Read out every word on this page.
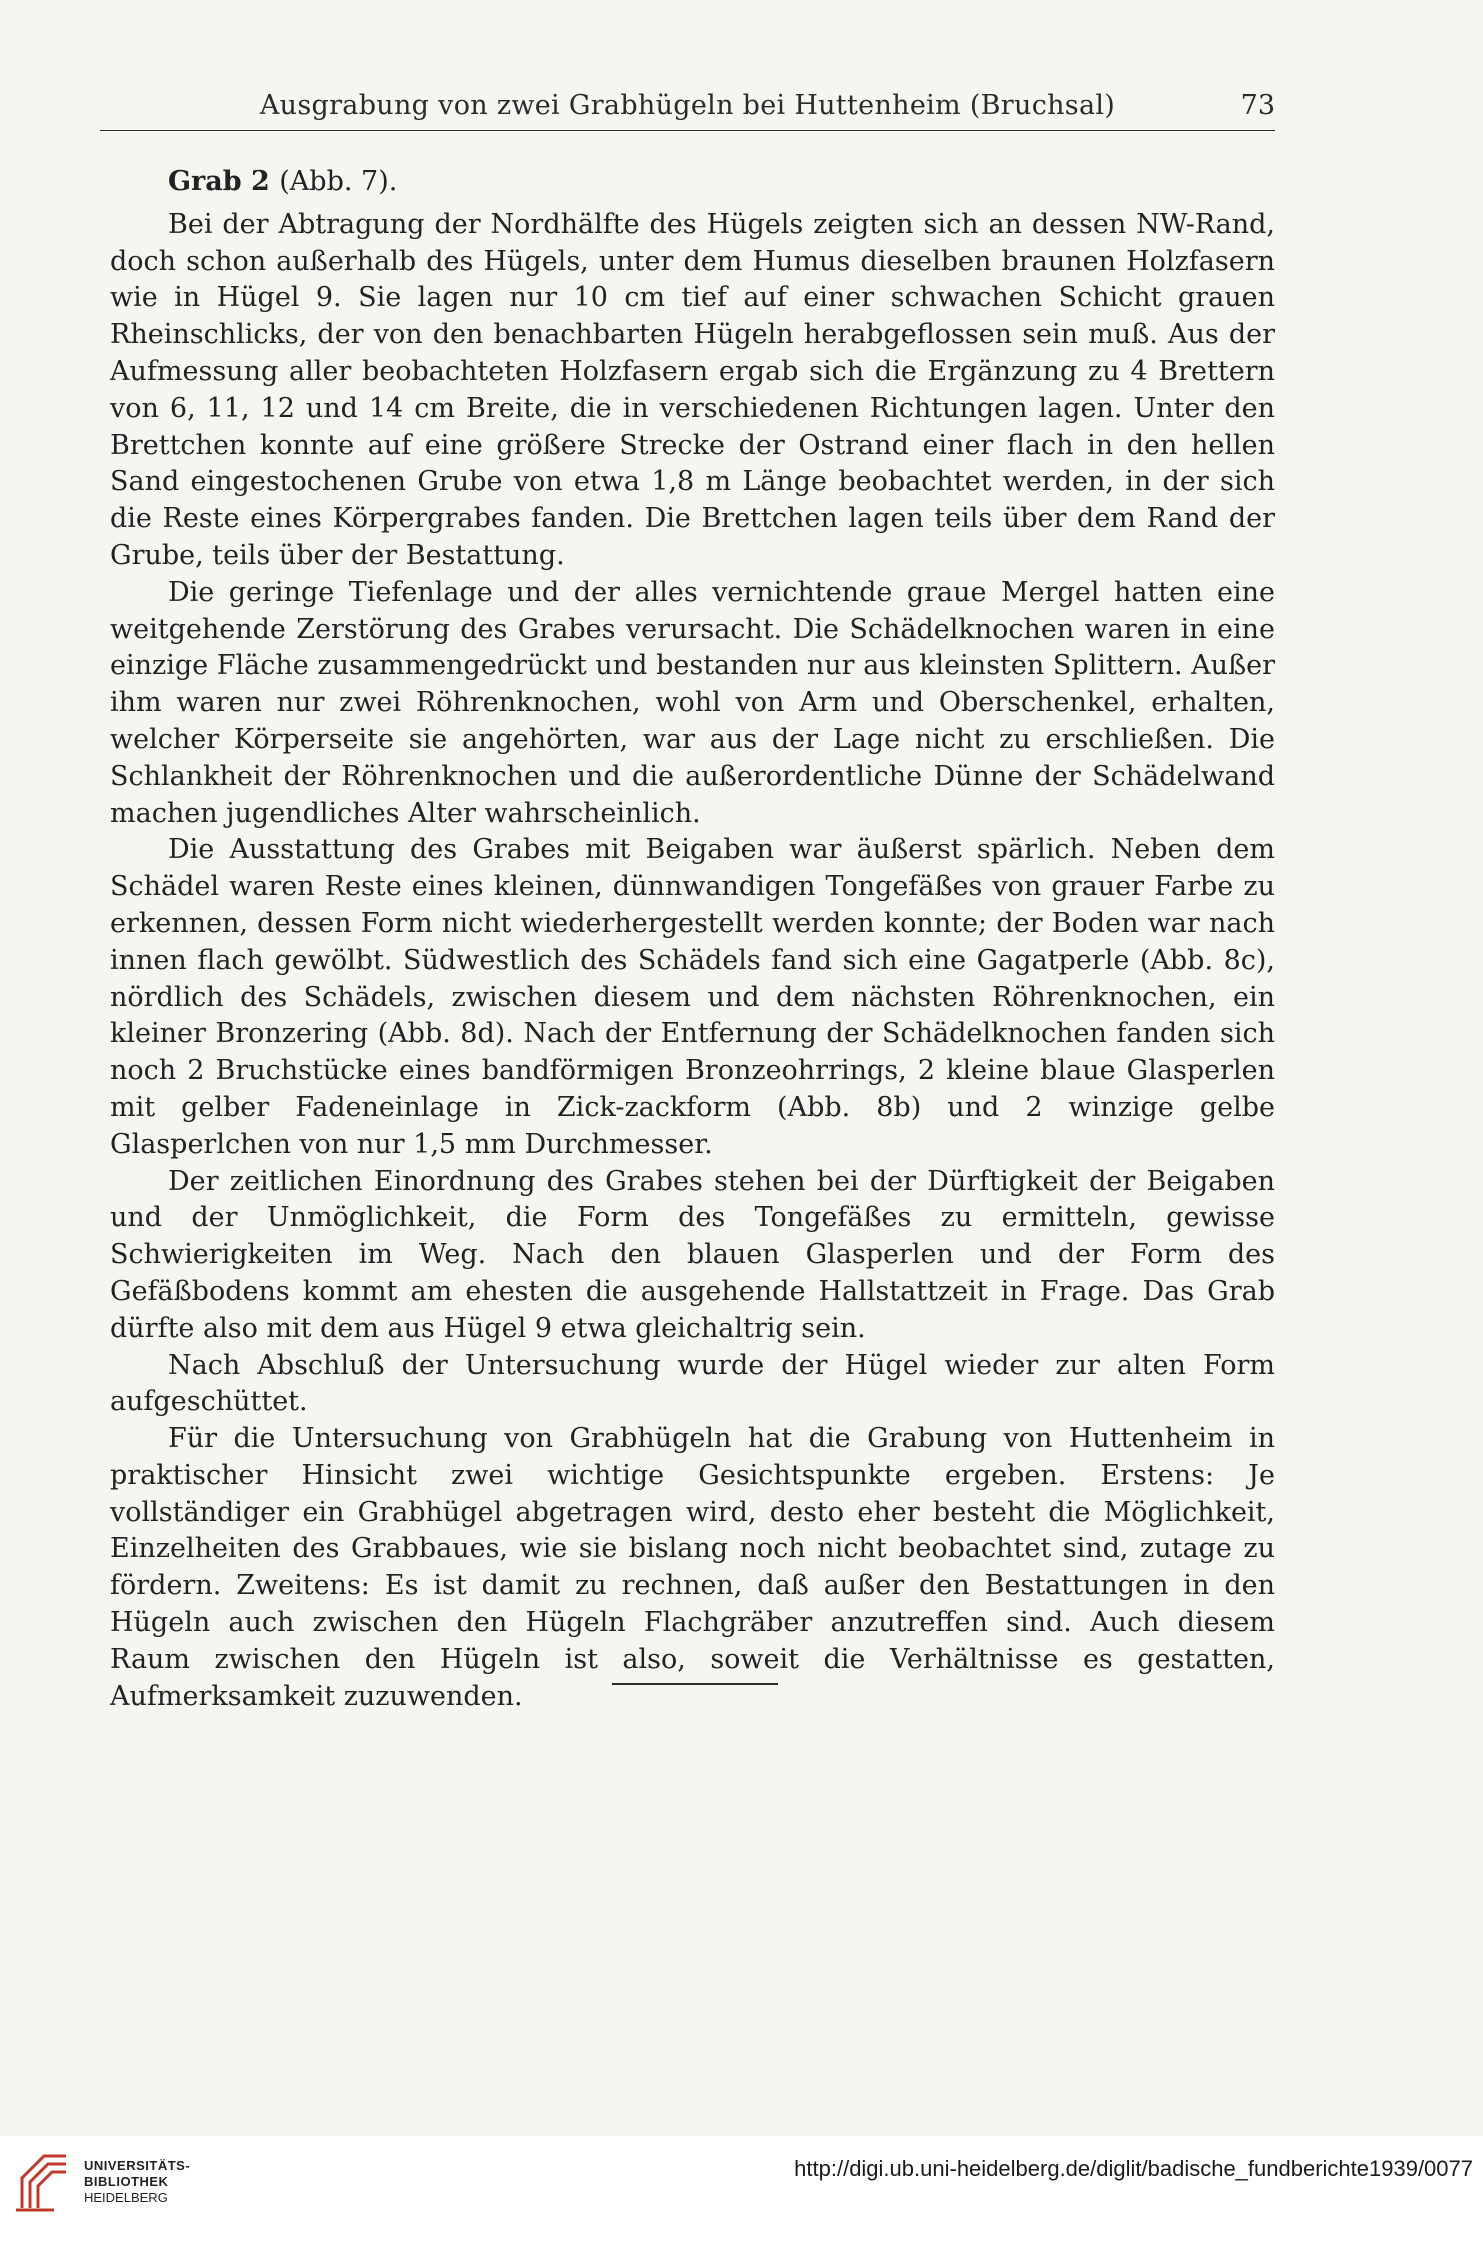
Ausgrabung von zwei Grabhügeln bei Huttenheim (Bruchsal)	73

Grab 2 (Abb. 7).

Bei der Abtragung der Nordhälfte des Hügels zeigten sich an dessen NW-Rand, doch schon außerhalb des Hügels, unter dem Humus dieselben braunen Holzfasern wie in Hügel 9. Sie lagen nur 10 cm tief auf einer schwachen Schicht grauen Rheinschlicks, der von den benachbarten Hügeln herabgeflossen sein muß. Aus der Aufmessung aller beobachteten Holzfasern ergab sich die Ergänzung zu 4 Brettern von 6, 11, 12 und 14 cm Breite, die in verschiedenen Richtungen lagen. Unter den Brettchen konnte auf eine größere Strecke der Ostrand einer flach in den hellen Sand eingestochenen Grube von etwa 1,8 m Länge beobachtet werden, in der sich die Reste eines Körpergrabes fanden. Die Brettchen lagen teils über dem Rand der Grube, teils über der Bestattung.

Die geringe Tiefenlage und der alles vernichtende graue Mergel hatten eine weitgehende Zerstörung des Grabes verursacht. Die Schädelknochen waren in eine einzige Fläche zusammengedrückt und bestanden nur aus kleinsten Splittern. Außer ihm waren nur zwei Röhrenknochen, wohl von Arm und Oberschenkel, erhalten, welcher Körperseite sie angehörten, war aus der Lage nicht zu erschließen. Die Schlankheit der Röhrenknochen und die außerordentliche Dünne der Schädelwand machen jugendliches Alter wahrscheinlich.

Die Ausstattung des Grabes mit Beigaben war äußerst spärlich. Neben dem Schädel waren Reste eines kleinen, dünnwandigen Tongefäßes von grauer Farbe zu erkennen, dessen Form nicht wiederhergestellt werden konnte; der Boden war nach innen flach gewölbt. Südwestlich des Schädels fand sich eine Gagatperle (Abb. 8c), nördlich des Schädels, zwischen diesem und dem nächsten Röhrenknochen, ein kleiner Bronzering (Abb. 8d). Nach der Entfernung der Schädelknochen fanden sich noch 2 Bruchstücke eines bandförmigen Bronzeohrrings, 2 kleine blaue Glasperlen mit gelber Fadeneinlage in Zick-zackform (Abb. 8b) und 2 winzige gelbe Glasperlchen von nur 1,5 mm Durchmesser.

Der zeitlichen Einordnung des Grabes stehen bei der Dürftigkeit der Beigaben und der Unmöglichkeit, die Form des Tongefäßes zu ermitteln, gewisse Schwierigkeiten im Weg. Nach den blauen Glasperlen und der Form des Gefäßbodens kommt am ehesten die ausgehende Hallstattzeit in Frage. Das Grab dürfte also mit dem aus Hügel 9 etwa gleichaltrig sein.

Nach Abschluß der Untersuchung wurde der Hügel wieder zur alten Form aufgeschüttet.

Für die Untersuchung von Grabhügeln hat die Grabung von Huttenheim in praktischer Hinsicht zwei wichtige Gesichtspunkte ergeben. Erstens: Je vollständiger ein Grabhügel abgetragen wird, desto eher besteht die Möglichkeit, Einzelheiten des Grabbaues, wie sie bislang noch nicht beobachtet sind, zutage zu fördern. Zweitens: Es ist damit zu rechnen, daß außer den Bestattungen in den Hügeln auch zwischen den Hügeln Flachgräber anzutreffen sind. Auch diesem Raum zwischen den Hügeln ist also, soweit die Verhältnisse es gestatten, Aufmerksamkeit zuzuwenden.

UNIVERSITÄTS-
BIBLIOTHEK
HEIDELBERG
http://digi.ub.uni-heidelberg.de/diglit/badische_fundberichte1939/0077
